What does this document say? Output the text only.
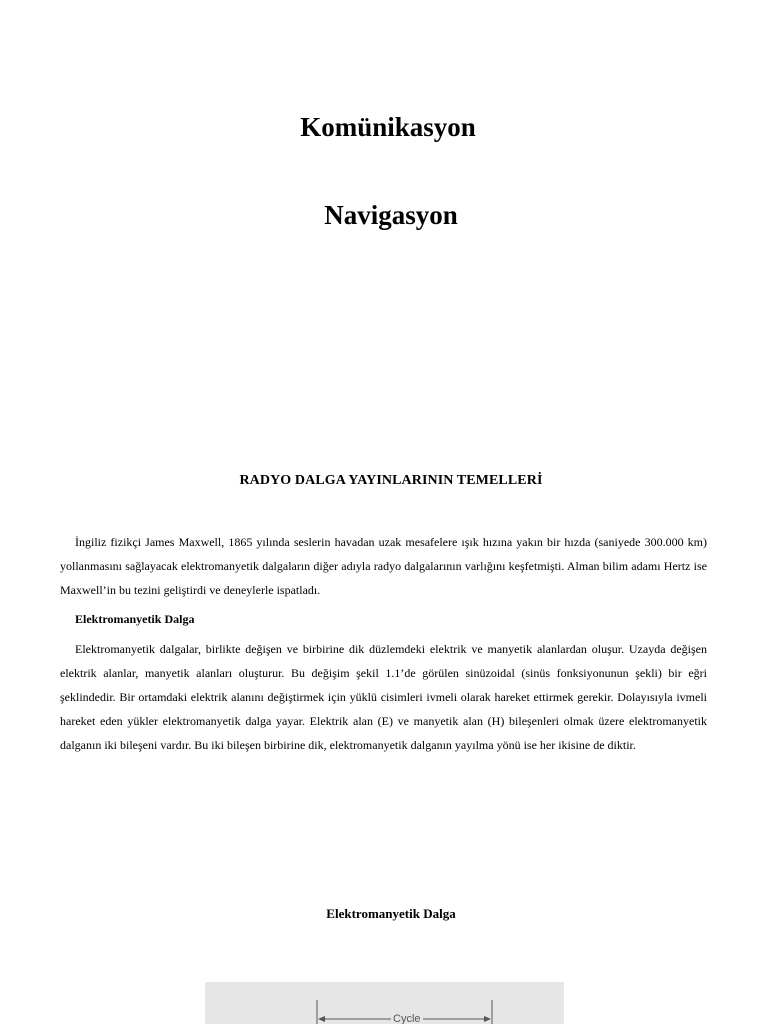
Komünikasyon
Navigasyon
RADYO DALGA YAYINLARININ TEMELLERİ

İngiliz fizikçi James Maxwell, 1865 yılında seslerin havadan uzak mesafelere ışık hızına yakın bir hızda (saniyede 300.000 km) yollanmasını sağlayacak elektromanyetik dalgaların diğer adıyla radyo dalgalarının varlığını keşfetmişti. Alman bilim adamı Hertz ise Maxwell’in bu tezini geliştirdi ve deneylerle ispatladı.

Elektromanyetik Dalga

Elektromanyetik dalgalar, birlikte değişen ve birbirine dik düzlemdeki elektrik ve manyetik alanlardan oluşur. Uzayda değişen elektrik alanlar, manyetik alanları oluşturur. Bu değişim şekil 1.1’de görülen sinüzoidal (sinüs fonksiyonunun şekli) bir eğri şeklindedir. Bir ortamdaki elektrik alanını değiştirmek için yüklü cisimleri ivmeli olarak hareket ettirmek gerekir. Dolayısıyla ivmeli hareket eden yükler elektromanyetik dalga yayar. Elektrik alan (E) ve manyetik alan (H) bileşenleri olmak üzere elektromanyetik dalganın iki bileşeni vardır. Bu iki bileşen birbirine dik, elektromanyetik dalganın yayılma yönü ise her ikisine de diktir.

Elektromanyetik Dalga
Cycle
